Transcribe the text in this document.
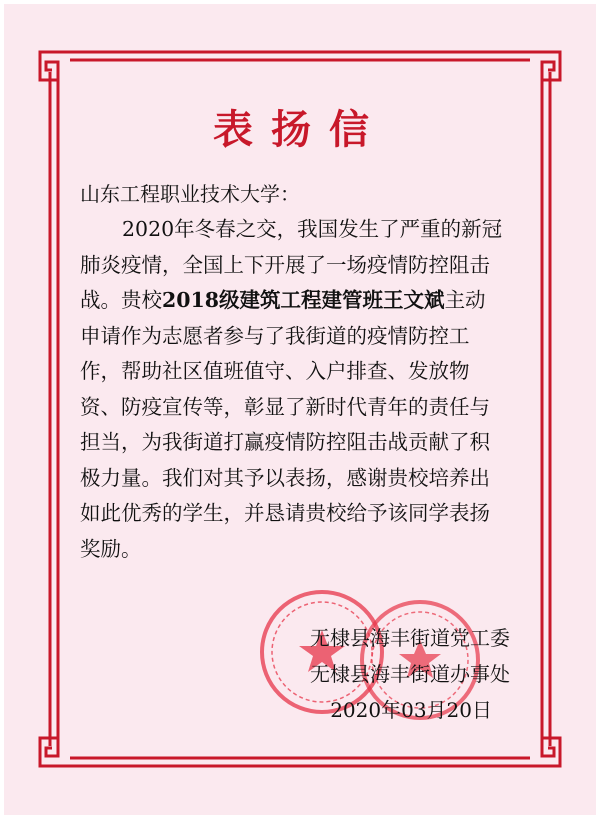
表扬信
山东工程职业技术大学：
2020年冬春之交，我国发生了严重的新冠
肺炎疫情，全国上下开展了一场疫情防控阻击
战。贵校2018级建筑工程建管班王文斌主动
申请作为志愿者参与了我街道的疫情防控工
作，帮助社区值班值守、入户排查、发放物
资、防疫宣传等，彰显了新时代青年的责任与
担当，为我街道打赢疫情防控阻击战贡献了积
极力量。我们对其予以表扬，感谢贵校培养出
如此优秀的学生，并恳请贵校给予该同学表扬
奖励。
无棣县海丰街道党工委
无棣县海丰街道办事处
2020年03月20日
